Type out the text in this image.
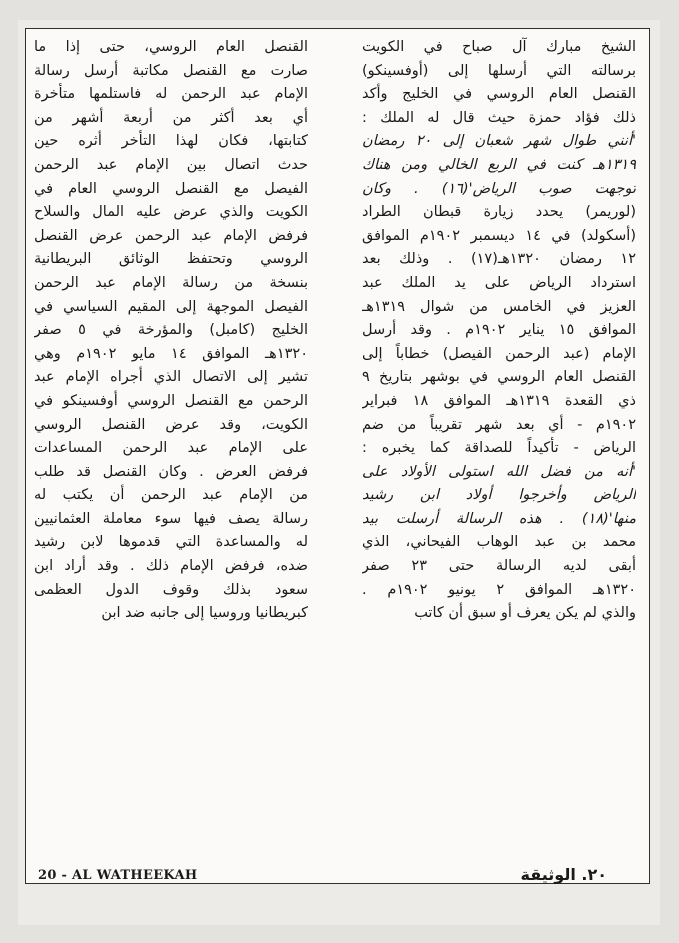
الشيخ مبارك آل صباح في الكويت
برسالته التي أرسلها إلى (أوفسينكو)
القنصل العام الروسي في الخليج وأكد
ذلك فؤاد حمزة حيث قال له الملك :
'أنني طوال شهر شعبان إلى ٢٠ رمضان
١٣١٩هـ كنت في الربع الخالي ومن هناك
توجهت صوب الرياض'(١٦) . وكان
(لوريمر) يحدد زيارة قبطان الطراد
(أسكولد) في ١٤ ديسمبر ١٩٠٢م الموافق
١٢ رمضان ١٣٢٠هـ(١٧) . وذلك بعد
استرداد الرياض على يد الملك عبد
العزيز في الخامس من شوال ١٣١٩هـ
الموافق ١٥ يناير ١٩٠٢م . وقد أرسل
الإمام (عبد الرحمن الفيصل) خطاباً إلى
القنصل العام الروسي في بوشهر بتاريخ ٩
ذي القعدة ١٣١٩هـ الموافق ١٨ فبراير
١٩٠٢م - أي بعد شهر تقريباً من ضم
الرياض - تأكيداً للصداقة كما يخبره :
'أنه من فضل الله استولى الأولاد على
الرياض وأخرجوا أولاد ابن رشيد
منها'(١٨) . هذه الرسالة أرسلت بيد
محمد بن عبد الوهاب الفيحاني، الذي
أبقى لديه الرسالة حتى ٢٣ صفر
١٣٢٠هـ الموافق ٢ يونيو ١٩٠٢م .
والذي لم يكن يعرف أو سبق أن كاتب
القنصل العام الروسي، حتى إذا ما
صارت مع القنصل مكاتبة أرسل رسالة
الإمام عبد الرحمن له فاستلمها متأخرة
أي بعد أكثر من أربعة أشهر من
كتابتها، فكان لهذا التأخر أثره حين
حدث اتصال بين الإمام عبد الرحمن
الفيصل مع القنصل الروسي العام في
الكويت والذي عرض عليه المال والسلاح
فرفض الإمام عبد الرحمن عرض القنصل
الروسي وتحتفظ الوثائق البريطانية
بنسخة من رسالة الإمام عبد الرحمن
الفيصل الموجهة إلى المقيم السياسي في
الخليج (كامبل) والمؤرخة في ٥ صفر
١٣٢٠هـ الموافق ١٤ مايو ١٩٠٢م وهي
تشير إلى الاتصال الذي أجراه الإمام عبد
الرحمن مع القنصل الروسي أوفسينكو في
الكويت، وقد عرض القنصل الروسي
على الإمام عبد الرحمن المساعدات
فرفض العرض . وكان القنصل قد طلب
من الإمام عبد الرحمن أن يكتب له
رسالة يصف فيها سوء معاملة العثمانيين
له والمساعدة التي قدموها لابن رشيد
ضده، فرفض الإمام ذلك . وقد أراد ابن
سعود بذلك وقوف الدول العظمى
كبريطانيا وروسيا إلى جانبه ضد ابن
20 - AL WATHEEKAH	٢٠. الوثيقة
